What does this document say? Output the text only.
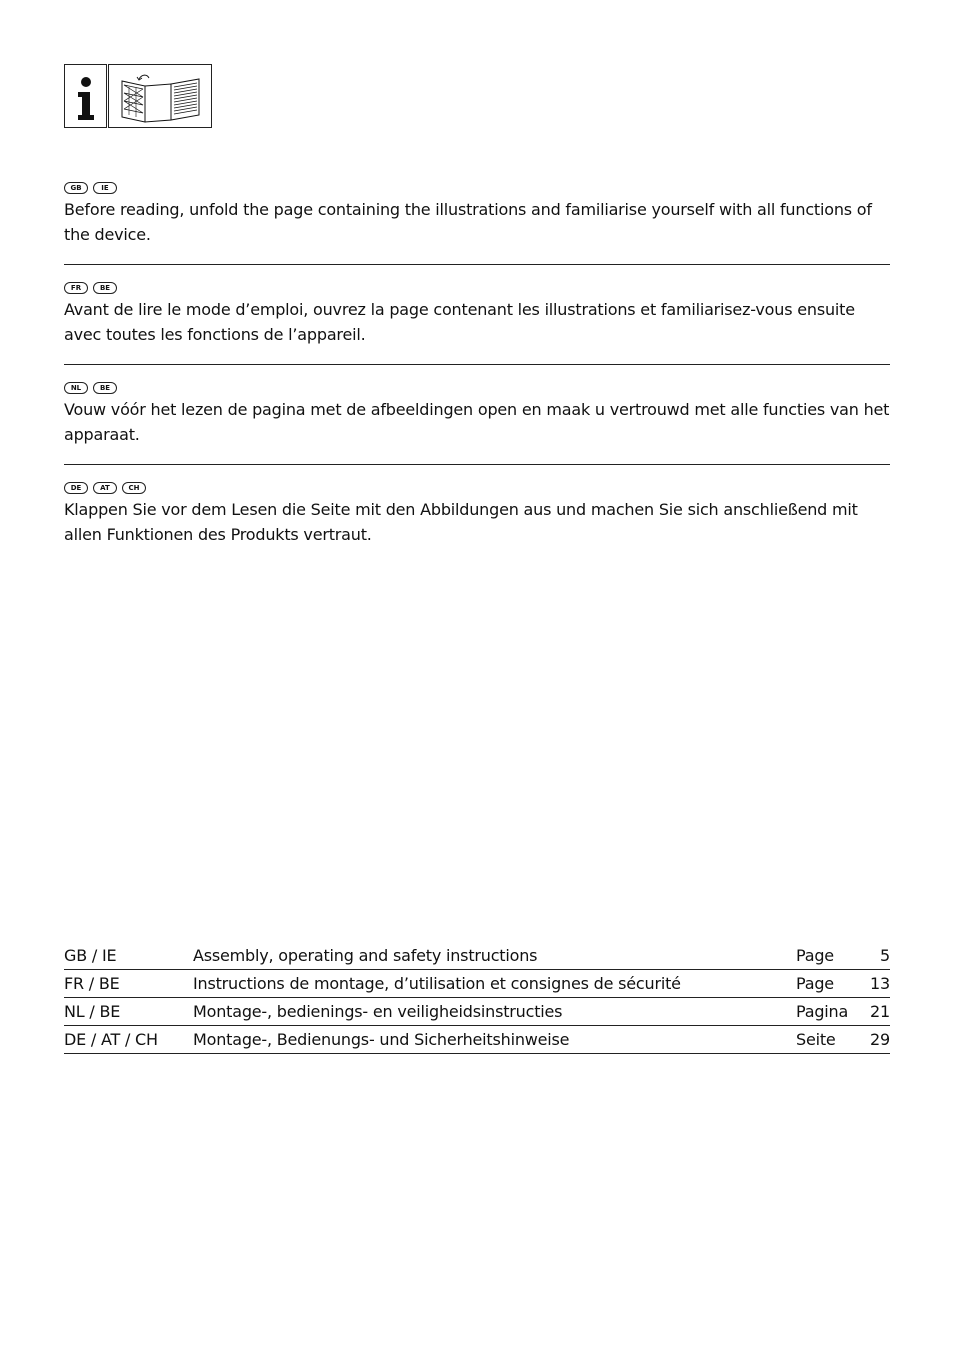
GB	IE
Before reading, unfold the page containing the illustrations and familiarise yourself with all functions of the device.
FR	BE
Avant de lire le mode d’emploi, ouvrez la page contenant les illustrations et familiarisez-vous ensuite avec toutes les fonctions de l’appareil.
NL	BE
Vouw vóór het lezen de pagina met de afbeeldingen open en maak u vertrouwd met alle functies van het apparaat.
DE	AT	CH
Klappen Sie vor dem Lesen die Seite mit den Abbildungen aus und machen Sie sich anschließend mit allen Funktionen des Produkts vertraut.
GB / IE	Assembly, operating and safety instructions	Page	5
FR / BE	Instructions de montage, d’utilisation et consignes de sécurité	Page	13
NL / BE	Montage-, bedienings- en veiligheidsinstructies	Pagina	21
DE / AT / CH	Montage-, Bedienungs- und Sicherheitshinweise	Seite	29
